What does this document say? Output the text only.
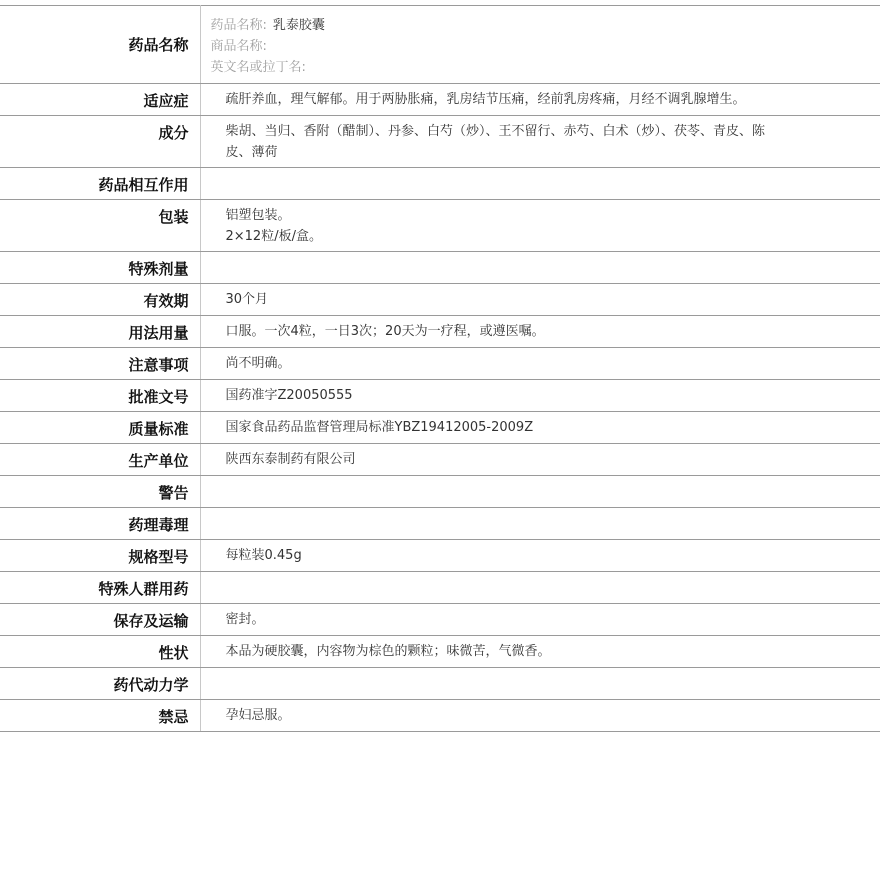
药品名称	药品名称: 乳泰胶囊
商品名称:
英文名或拉丁名:

适应症	疏肝养血，理气解郁。用于两胁胀痛，乳房结节压痛，经前乳房疼痛，月经不调乳腺增生。

成分	柴胡、当归、香附（醋制）、丹参、白芍（炒）、王不留行、赤芍、白术（炒）、茯苓、青皮、陈皮、薄荷

药品相互作用	
包装	铝塑包装。
2×12粒/板/盒。

特殊剂量	
有效期	30个月

用法用量	口服。一次4粒，一日3次；20天为一疗程，或遵医嘱。

注意事项	尚不明确。

批准文号	国药准字Z20050555

质量标准	国家食品药品监督管理局标准YBZ19412005-2009Z

生产单位	陕西东泰制药有限公司

警告	
药理毒理	
规格型号	每粒装0.45g

特殊人群用药	
保存及运输	密封。

性状	本品为硬胶囊，内容物为棕色的颗粒；味微苦，气微香。

药代动力学	
禁忌	孕妇忌服。
